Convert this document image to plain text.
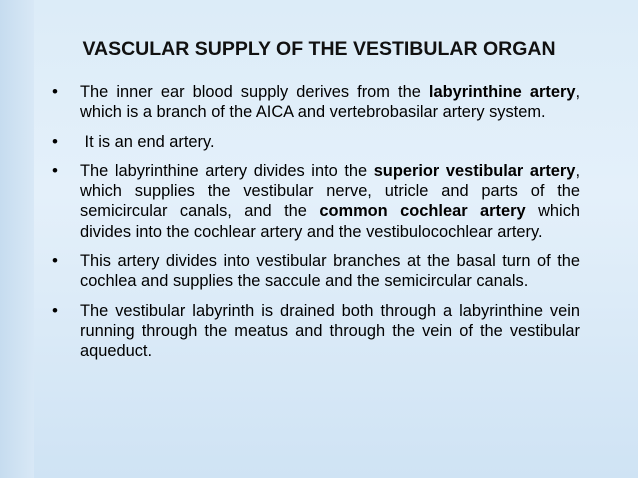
VASCULAR SUPPLY OF THE VESTIBULAR ORGAN
• The inner ear blood supply derives from the labyrinthine artery, which is a branch of the AICA and vertebrobasilar artery system.
• It is an end artery.
• The labyrinthine artery divides into the superior vestibular artery, which supplies the vestibular nerve, utricle and parts of the semicircular canals, and the common cochlear artery which divides into the cochlear artery and the vestibulocochlear artery.
• This artery divides into vestibular branches at the basal turn of the cochlea and supplies the saccule and the semicircular canals.
• The vestibular labyrinth is drained both through a labyrinthine vein running through the meatus and through the vein of the vestibular aqueduct.
